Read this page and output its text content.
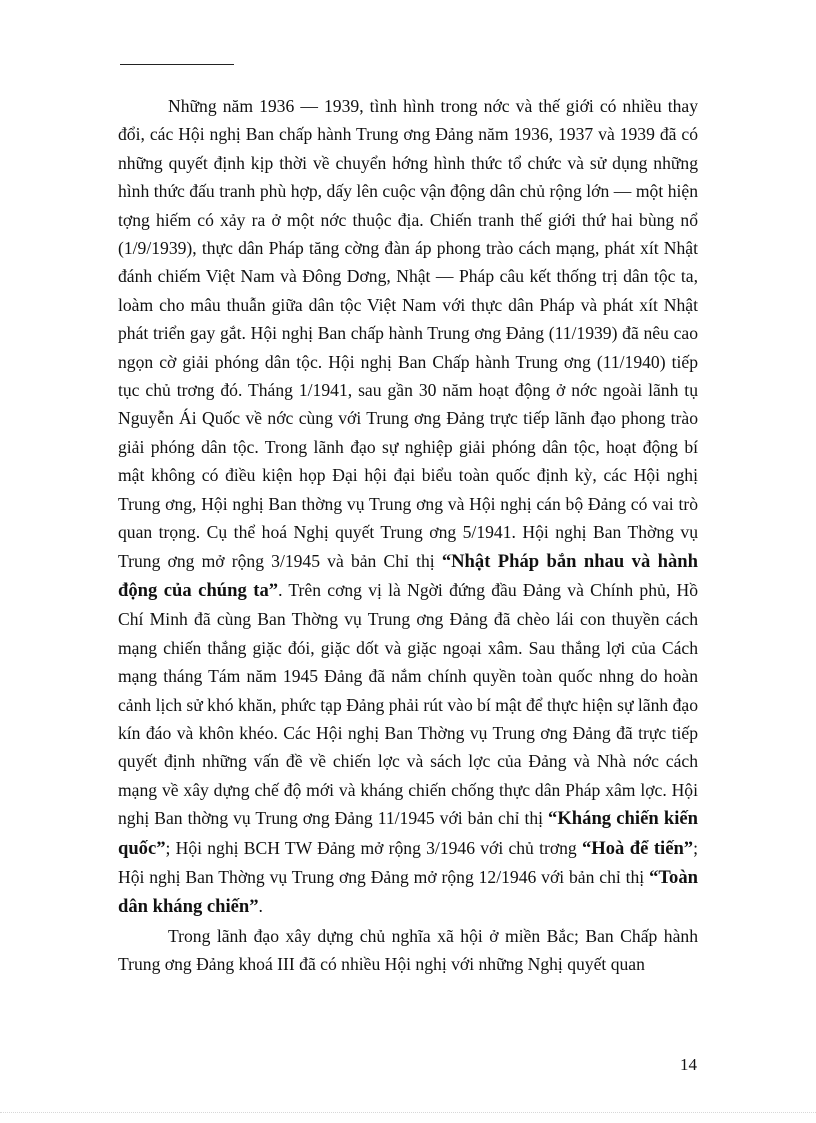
Những năm 1936 — 1939, tình hình trong nớc và thế giới có nhiều thay đổi, các Hội nghị Ban chấp hành Trung ơng Đảng năm 1936, 1937 và 1939 đã có những quyết định kịp thời về chuyển hớng hình thức tổ chức và sử dụng những hình thức đấu tranh phù hợp, dấy lên cuộc vận động dân chủ rộng lớn — một hiện tợng hiếm có xảy ra ở một nớc thuộc địa. Chiến tranh thế giới thứ hai bùng nổ (1/9/1939), thực dân Pháp tăng cờng đàn áp phong trào cách mạng, phát xít Nhật đánh chiếm Việt Nam và Đông Dơng, Nhật — Pháp câu kết thống trị dân tộc ta, loàm cho mâu thuẫn giữa dân tộc Việt Nam với thực dân Pháp và phát xít Nhật phát triển gay gắt. Hội nghị Ban chấp hành Trung ơng Đảng (11/1939) đã nêu cao ngọn cờ giải phóng dân tộc. Hội nghị Ban Chấp hành Trung ơng (11/1940) tiếp tục chủ trơng đó. Tháng 1/1941, sau gần 30 năm hoạt động ở nớc ngoài lãnh tụ Nguyễn Ái Quốc về nớc cùng với Trung ơng Đảng trực tiếp lãnh đạo phong trào giải phóng dân tộc. Trong lãnh đạo sự nghiệp giải phóng dân tộc, hoạt động bí mật không có điều kiện họp Đại hội đại biểu toàn quốc định kỳ, các Hội nghị Trung ơng, Hội nghị Ban thờng vụ Trung ơng và Hội nghị cán bộ Đảng có vai trò quan trọng. Cụ thể hoá Nghị quyết Trung ơng 5/1941. Hội nghị Ban Thờng vụ Trung ơng mở rộng 3/1945 và bản Chỉ thị “Nhật Pháp bắn nhau và hành động của chúng ta”. Trên cơng vị là Ngời đứng đầu Đảng và Chính phủ, Hồ Chí Minh đã cùng Ban Thờng vụ Trung ơng Đảng đã chèo lái con thuyền cách mạng chiến thắng giặc đói, giặc dốt và giặc ngoại xâm. Sau thắng lợi của Cách mạng tháng Tám năm 1945 Đảng đã nắm chính quyền toàn quốc nhng do hoàn cảnh lịch sử khó khăn, phức tạp Đảng phải rút vào bí mật để thực hiện sự lãnh đạo kín đáo và khôn khéo. Các Hội nghị Ban Thờng vụ Trung ơng Đảng đã trực tiếp quyết định những vấn đề về chiến lợc và sách lợc của Đảng và Nhà nớc cách mạng về xây dựng chế độ mới và kháng chiến chống thực dân Pháp xâm lợc. Hội nghị Ban thờng vụ Trung ơng Đảng 11/1945 với bản chỉ thị “Kháng chiến kiến quốc”; Hội nghị BCH TW Đảng mở rộng 3/1946 với chủ trơng “Hoà để tiến”; Hội nghị Ban Thờng vụ Trung ơng Đảng mở rộng 12/1946 với bản chỉ thị “Toàn dân kháng chiến”.

Trong lãnh đạo xây dựng chủ nghĩa xã hội ở miền Bắc; Ban Chấp hành Trung ơng Đảng khoá III đã có nhiều Hội nghị với những Nghị quyết quan

14
